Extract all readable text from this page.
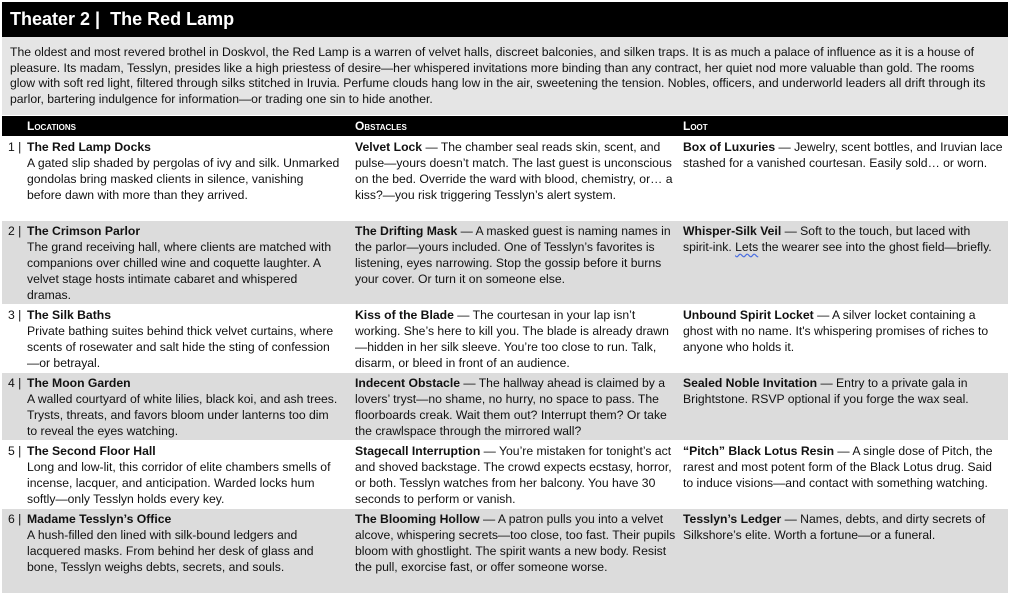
Theater 2 | The Red Lamp
The oldest and most revered brothel in Doskvol, the Red Lamp is a warren of velvet halls, discreet balconies, and silken traps. It is as much a palace of influence as it is a house of pleasure. Its madam, Tesslyn, presides like a high priestess of desire—her whispered invitations more binding than any contract, her quiet nod more valuable than gold. The rooms glow with soft red light, filtered through silks stitched in Iruvia. Perfume clouds hang low in the air, sweetening the tension. Nobles, officers, and underworld leaders all drift through its parlor, bartering indulgence for information—or trading one sin to hide another.
Locations	Obstacles	Loot
1 | The Red Lamp Docks
A gated slip shaded by pergolas of ivy and silk. Unmarked gondolas bring masked clients in silence, vanishing before dawn with more than they arrived.
Velvet Lock — The chamber seal reads skin, scent, and pulse—yours doesn’t match. The last guest is unconscious on the bed. Override the ward with blood, chemistry, or… a kiss?—you risk triggering Tesslyn’s alert system.
Box of Luxuries — Jewelry, scent bottles, and Iruvian lace stashed for a vanished courtesan. Easily sold… or worn.
2 | The Crimson Parlor
The grand receiving hall, where clients are matched with companions over chilled wine and coquette laughter. A velvet stage hosts intimate cabaret and whispered dramas.
The Drifting Mask — A masked guest is naming names in the parlor—yours included. One of Tesslyn’s favorites is listening, eyes narrowing. Stop the gossip before it burns your cover. Or turn it on someone else.
Whisper-Silk Veil — Soft to the touch, but laced with spirit-ink. Lets the wearer see into the ghost field—briefly.
3 | The Silk Baths
Private bathing suites behind thick velvet curtains, where scents of rosewater and salt hide the sting of confession—or betrayal.
Kiss of the Blade — The courtesan in your lap isn’t working. She’s here to kill you. The blade is already drawn—hidden in her silk sleeve. You’re too close to run. Talk, disarm, or bleed in front of an audience.
Unbound Spirit Locket — A silver locket containing a ghost with no name. It's whispering promises of riches to anyone who holds it.
4 | The Moon Garden
A walled courtyard of white lilies, black koi, and ash trees. Trysts, threats, and favors bloom under lanterns too dim to reveal the eyes watching.
Indecent Obstacle — The hallway ahead is claimed by a lovers’ tryst—no shame, no hurry, no space to pass. The floorboards creak. Wait them out? Interrupt them? Or take the crawlspace through the mirrored wall?
Sealed Noble Invitation — Entry to a private gala in Brightstone. RSVP optional if you forge the wax seal.
5 | The Second Floor Hall
Long and low-lit, this corridor of elite chambers smells of incense, lacquer, and anticipation. Warded locks hum softly—only Tesslyn holds every key.
Stagecall Interruption — You’re mistaken for tonight’s act and shoved backstage. The crowd expects ecstasy, horror, or both. Tesslyn watches from her balcony. You have 30 seconds to perform or vanish.
“Pitch” Black Lotus Resin — A single dose of Pitch, the rarest and most potent form of the Black Lotus drug. Said to induce visions—and contact with something watching.
6 | Madame Tesslyn’s Office
A hush-filled den lined with silk-bound ledgers and lacquered masks. From behind her desk of glass and bone, Tesslyn weighs debts, secrets, and souls.
The Blooming Hollow — A patron pulls you into a velvet alcove, whispering secrets—too close, too fast. Their pupils bloom with ghostlight. The spirit wants a new body. Resist the pull, exorcise fast, or offer someone worse.
Tesslyn’s Ledger — Names, debts, and dirty secrets of Silkshore’s elite. Worth a fortune—or a funeral.
